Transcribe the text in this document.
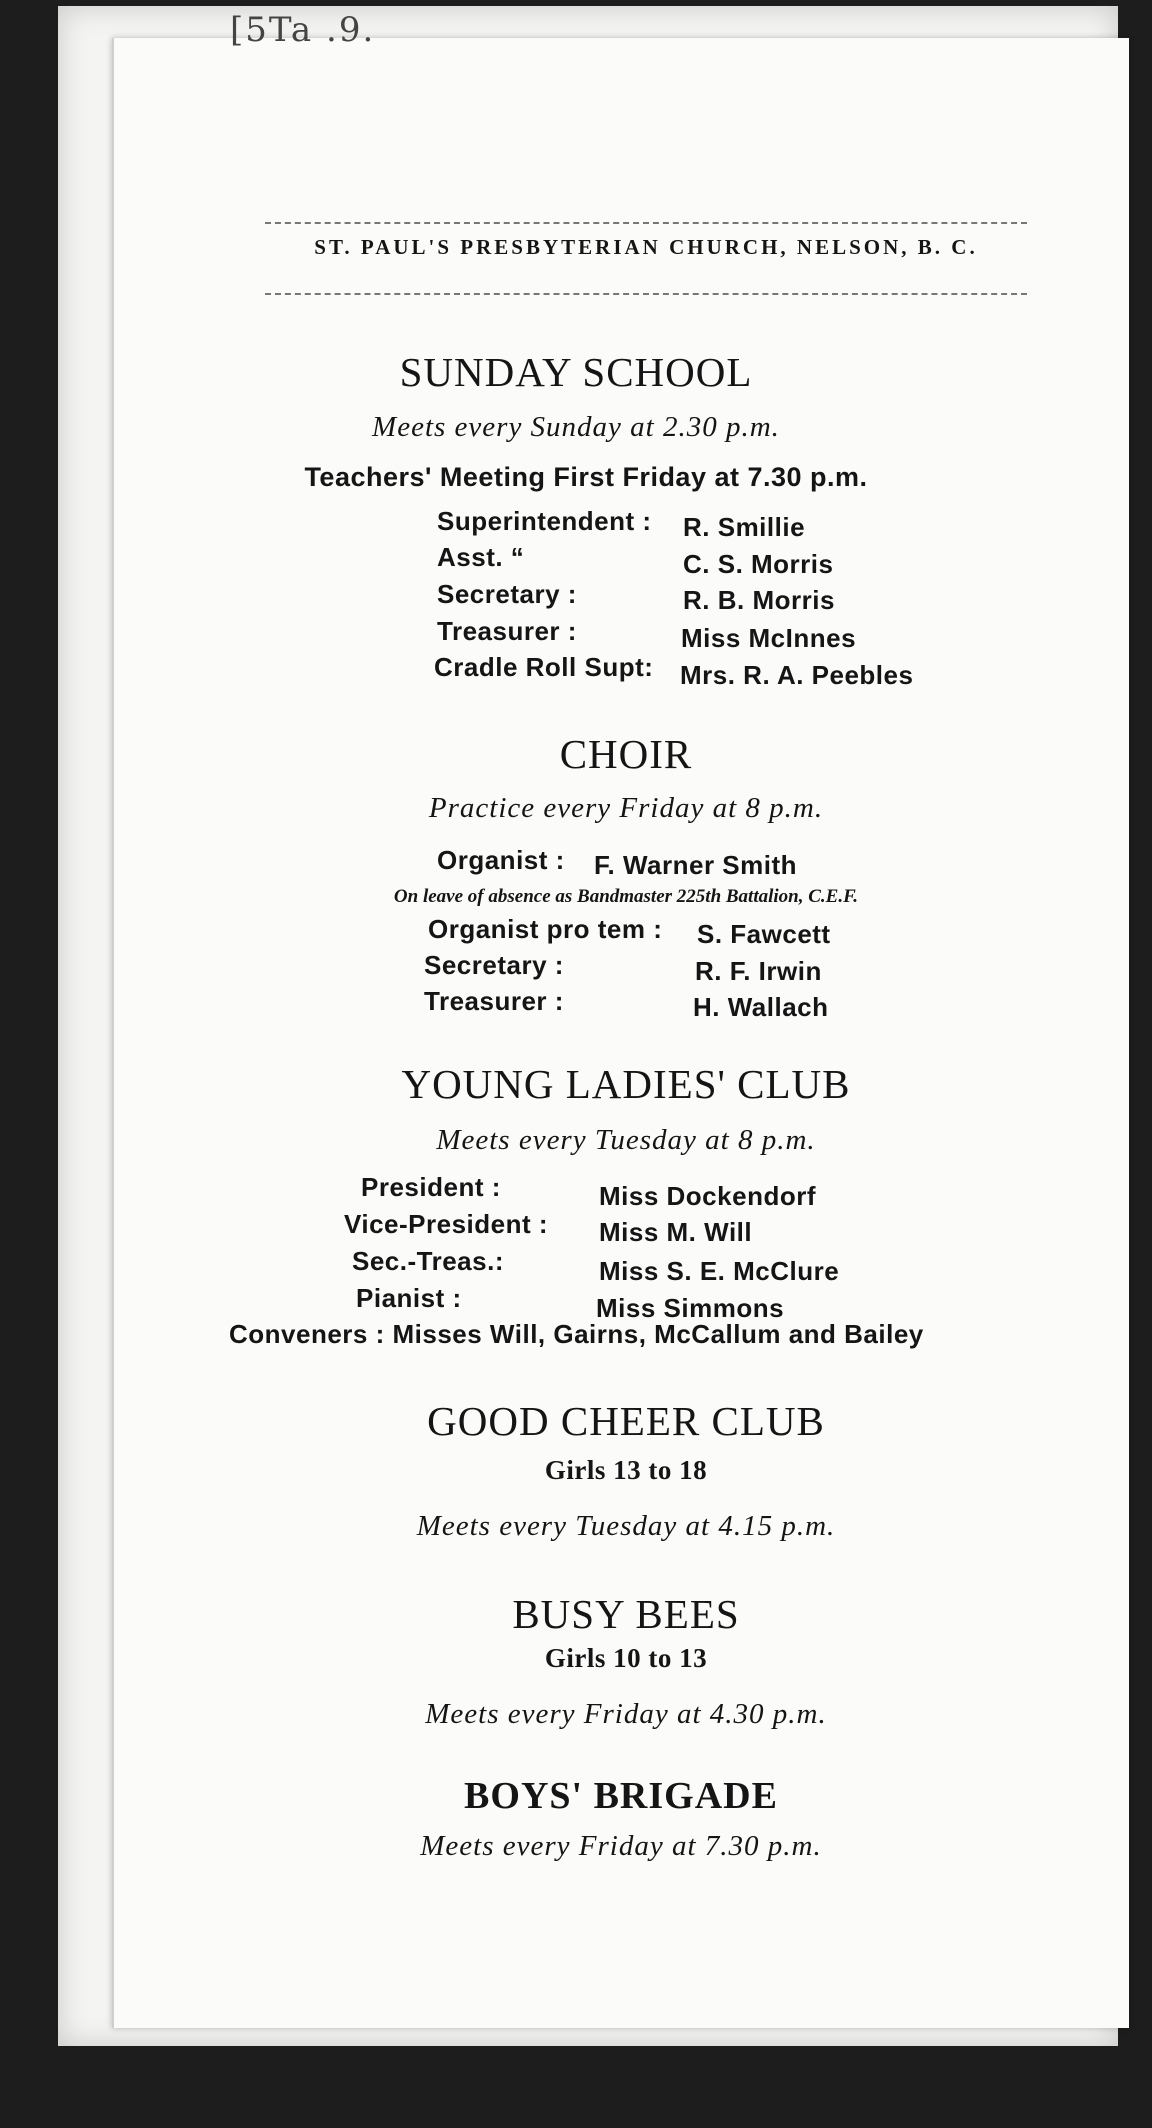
[5Ta .9.
ST. PAUL'S PRESBYTERIAN CHURCH, NELSON, B. C.
SUNDAY SCHOOL
Meets every Sunday at 2.30 p.m.
Teachers' Meeting First Friday at 7.30 p.m.
Superintendent : R. Smillie
Asst. “	C. S. Morris
Secretary :	R. B. Morris
Treasurer :	Miss McInnes
Cradle Roll Supt: Mrs. R. A. Peebles
CHOIR
Practice every Friday at 8 p.m.
Organist : F. Warner Smith
On leave of absence as Bandmaster 225th Battalion, C.E.F.
Organist pro tem : S. Fawcett
Secretary :	R. F. Irwin
Treasurer :	H. Wallach
YOUNG LADIES' CLUB
Meets every Tuesday at 8 p.m.
President :	Miss Dockendorf
Vice-President : Miss M. Will
Sec.-Treas.:	Miss S. E. McClure
Pianist :	Miss Simmons
Conveners : Misses Will, Gairns, McCallum and Bailey
GOOD CHEER CLUB
Girls 13 to 18
Meets every Tuesday at 4.15 p.m.
BUSY BEES
Girls 10 to 13
Meets every Friday at 4.30 p.m.
BOYS' BRIGADE
Meets every Friday at 7.30 p.m.
